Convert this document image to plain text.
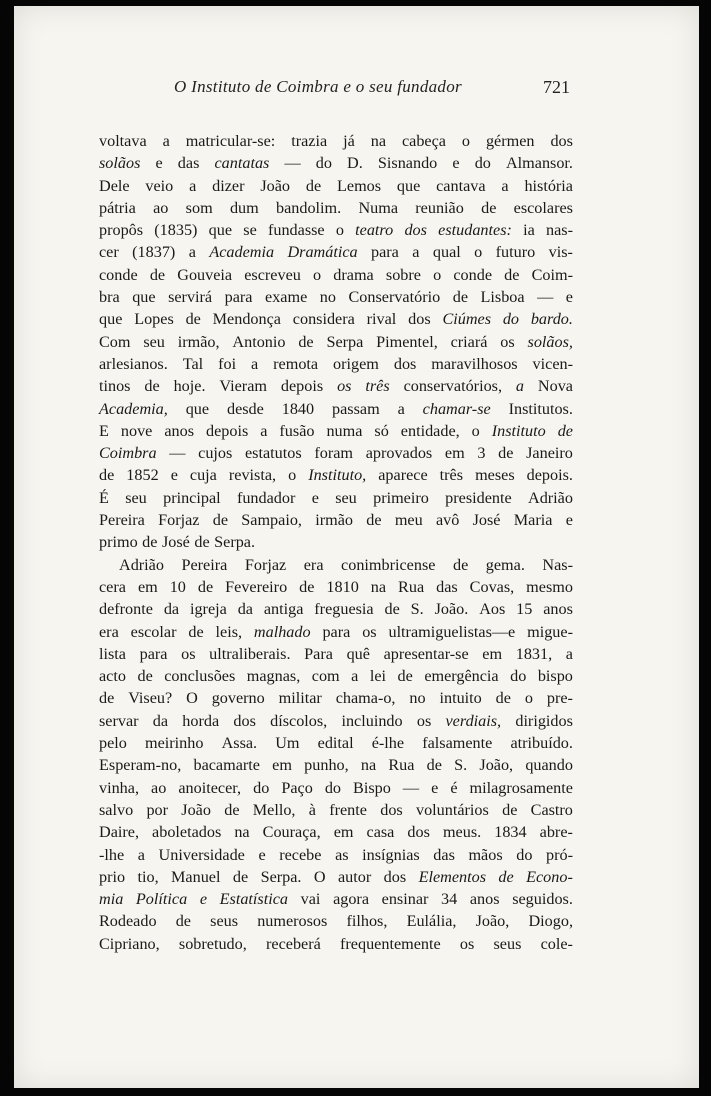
O Instituto de Coimbra e o seu fundador	721
voltava a matricular-se: trazia já na cabeça o gérmen dos
solãos e das cantatas — do D. Sisnando e do Almansor.
Dele veio a dizer João de Lemos que cantava a história
pátria ao som dum bandolim. Numa reunião de escolares
propôs (1835) que se fundasse o teatro dos estudantes: ia nas-
cer (1837) a Academia Dramática para a qual o futuro vis-
conde de Gouveia escreveu o drama sobre o conde de Coim-
bra que servirá para exame no Conservatório de Lisboa — e
que Lopes de Mendonça considera rival dos Ciúmes do bardo.
Com seu irmão, Antonio de Serpa Pimentel, criará os solãos,
arlesianos. Tal foi a remota origem dos maravilhosos vicen-
tinos de hoje. Vieram depois os três conservatórios, a Nova
Academia, que desde 1840 passam a chamar-se Institutos.
E nove anos depois a fusão numa só entidade, o Instituto de
Coimbra — cujos estatutos foram aprovados em 3 de Janeiro
de 1852 e cuja revista, o Instituto, aparece três meses depois.
É seu principal fundador e seu primeiro presidente Adrião
Pereira Forjaz de Sampaio, irmão de meu avô José Maria e
primo de José de Serpa.
Adrião Pereira Forjaz era conimbricense de gema. Nas-
cera em 10 de Fevereiro de 1810 na Rua das Covas, mesmo
defronte da igreja da antiga freguesia de S. João. Aos 15 anos
era escolar de leis, malhado para os ultramiguelistas—e migue-
lista para os ultraliberais. Para quê apresentar-se em 1831, a
acto de conclusões magnas, com a lei de emergência do bispo
de Viseu? O governo militar chama-o, no intuito de o pre-
servar da horda dos díscolos, incluindo os verdiais, dirigidos
pelo meirinho Assa. Um edital é-lhe falsamente atribuído.
Esperam-no, bacamarte em punho, na Rua de S. João, quando
vinha, ao anoitecer, do Paço do Bispo — e é milagrosamente
salvo por João de Mello, à frente dos voluntários de Castro
Daire, aboletados na Couraça, em casa dos meus. 1834 abre-
-lhe a Universidade e recebe as insígnias das mãos do pró-
prio tio, Manuel de Serpa. O autor dos Elementos de Econo-
mia Política e Estatística vai agora ensinar 34 anos seguidos.
Rodeado de seus numerosos filhos, Eulália, João, Diogo,
Cipriano, sobretudo, receberá frequentemente os seus cole-
